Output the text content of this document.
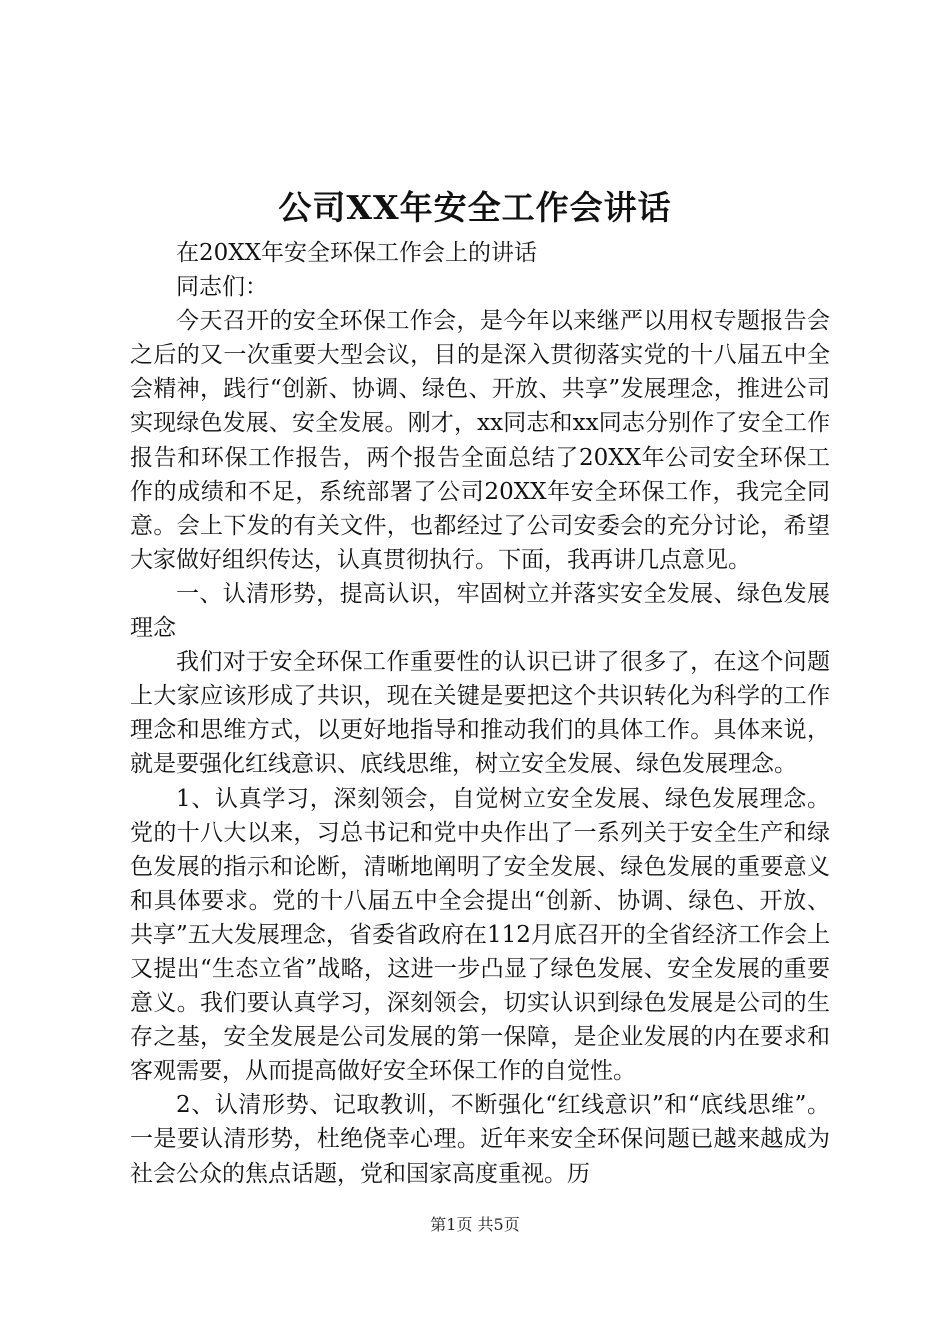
公司XX年安全工作会讲话

在20XX年安全环保工作会上的讲话

同志们：

今天召开的安全环保工作会，是今年以来继严以用权专题报告会之后的又一次重要大型会议，目的是深入贯彻落实党的十八届五中全会精神，践行“创新、协调、绿色、开放、共享”发展理念，推进公司实现绿色发展、安全发展。刚才，xx同志和xx同志分别作了安全工作报告和环保工作报告，两个报告全面总结了20XX年公司安全环保工作的成绩和不足，系统部署了公司20XX年安全环保工作，我完全同意。会上下发的有关文件，也都经过了公司安委会的充分讨论，希望大家做好组织传达，认真贯彻执行。下面，我再讲几点意见。

一、认清形势，提高认识，牢固树立并落实安全发展、绿色发展理念

我们对于安全环保工作重要性的认识已讲了很多了，在这个问题上大家应该形成了共识，现在关键是要把这个共识转化为科学的工作理念和思维方式，以更好地指导和推动我们的具体工作。具体来说，就是要强化红线意识、底线思维，树立安全发展、绿色发展理念。

1、认真学习，深刻领会，自觉树立安全发展、绿色发展理念。党的十八大以来，习总书记和党中央作出了一系列关于安全生产和绿色发展的指示和论断，清晰地阐明了安全发展、绿色发展的重要意义和具体要求。党的十八届五中全会提出“创新、协调、绿色、开放、共享”五大发展理念，省委省政府在112月底召开的全省经济工作会上又提出“生态立省”战略，这进一步凸显了绿色发展、安全发展的重要意义。我们要认真学习，深刻领会，切实认识到绿色发展是公司的生存之基，安全发展是公司发展的第一保障，是企业发展的内在要求和客观需要，从而提高做好安全环保工作的自觉性。

2、认清形势、记取教训，不断强化“红线意识”和“底线思维”。一是要认清形势，杜绝侥幸心理。近年来安全环保问题已越来越成为社会公众的焦点话题，党和国家高度重视。历

第1页 共5页
